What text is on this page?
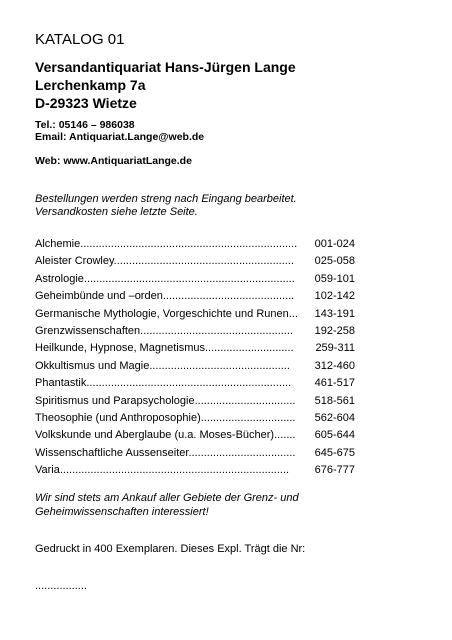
KATALOG 01
Versandantiquariat Hans-Jürgen Lange
Lerchenkamp 7a
D-29323 Wietze
Tel.: 05146 – 986038
Email: Antiquariat.Lange@web.de
Web: www.AntiquariatLange.de
Bestellungen werden streng nach Eingang bearbeitet.
Versandkosten siehe letzte Seite.
Alchemie.......................................................................	001-024
Aleister Crowley...........................................................	025-058
Astrologie.....................................................................	059-101
Geheimbünde und –orden...........................................	102-142
Germanische Mythologie, Vorgeschichte und Runen...	143-191
Grenzwissenschaften..................................................	192-258
Heilkunde, Hypnose, Magnetismus.............................	259-311
Okkultismus und Magie..............................................	312-460
Phantastik...................................................................	461-517
Spiritismus und Parapsychologie.................................	518-561
Theosophie (und Anthroposophie)...............................	562-604
Volkskunde und Aberglaube (u.a. Moses-Bücher).......	605-644
Wissenschaftliche Aussenseiter...................................	645-675
Varia...........................................................................	676-777
Wir sind stets am Ankauf aller Gebiete der Grenz- und
Geheimwissenschaften interessiert!
Gedruckt in 400 Exemplaren. Dieses Expl. Trägt die Nr:
.................
